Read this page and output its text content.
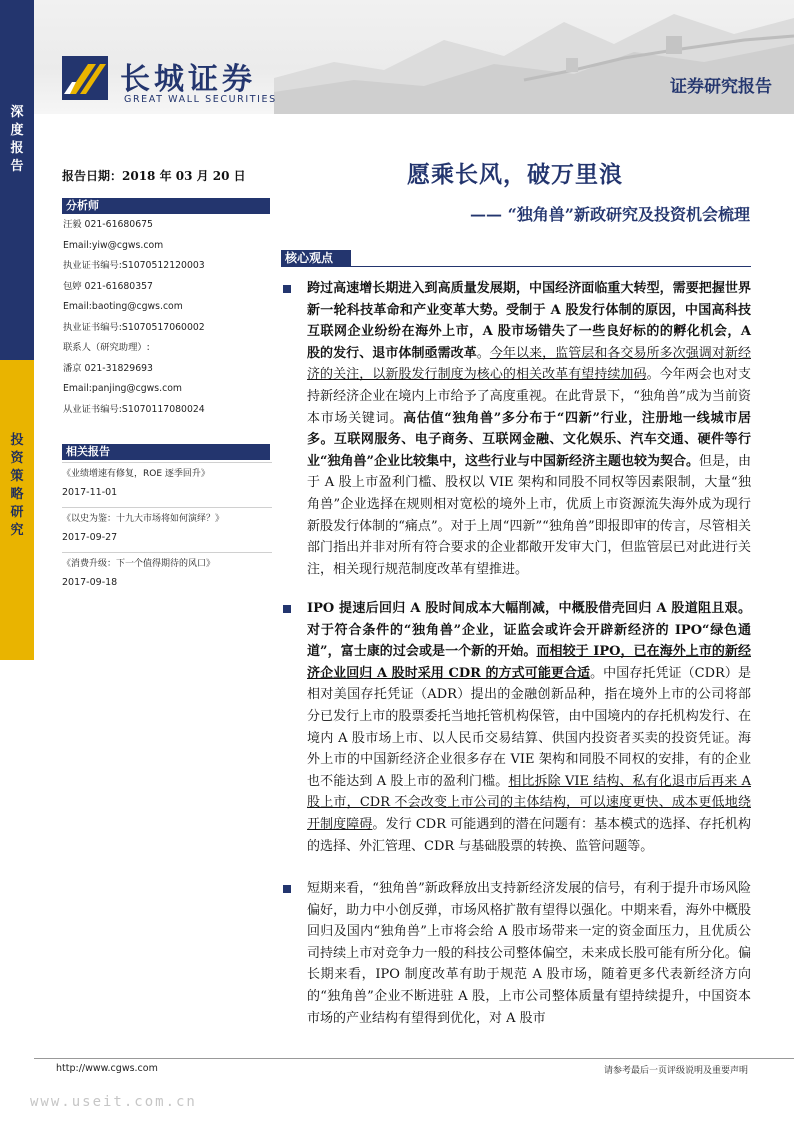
深
度
报
告
投
资
策
略
研
究
长城证券
GREAT WALL SECURITIES
证券研究报告
报告日期：2018 年 03 月 20 日
分析师
汪毅 021-61680675
Email:yiw@cgws.com
执业证书编号:S1070512120003
包婷 021-61680357
Email:baoting@cgws.com
执业证书编号:S1070517060002
联系人（研究助理）:
潘京 021-31829693
Email:panjing@cgws.com
从业证书编号:S1070117080024
相关报告
《业绩增速有修复，ROE 逐季回升》
2017-11-01
《以史为鉴：十九大市场将如何演绎？》
2017-09-27
《消费升级：下一个值得期待的风口》
2017-09-18
愿乘长风，破万里浪
—— “独角兽”新政研究及投资机会梳理
核心观点
跨过高速增长期进入到高质量发展期，中国经济面临重大转型，需要把握世界新一轮科技革命和产业变革大势。受制于 A 股发行体制的原因，中国高科技互联网企业纷纷在海外上市，A 股市场错失了一些良好标的的孵化机会，A 股的发行、退市体制亟需改革。今年以来，监管层和各交易所多次强调对新经济的关注，以新股发行制度为核心的相关改革有望持续加码。今年两会也对支持新经济企业在境内上市给予了高度重视。在此背景下，“独角兽”成为当前资本市场关键词。高估值“独角兽”多分布于“四新”行业，注册地一线城市居多。互联网服务、电子商务、互联网金融、文化娱乐、汽车交通、硬件等行业“独角兽”企业比较集中，这些行业与中国新经济主题也较为契合。但是，由于 A 股上市盈利门槛、股权以 VIE 架构和同股不同权等因素限制，大量“独角兽”企业选择在规则相对宽松的境外上市，优质上市资源流失海外成为现行新股发行体制的“痛点”。对于上周“四新”“独角兽”即报即审的传言，尽管相关部门指出并非对所有符合要求的企业都敞开发审大门，但监管层已对此进行关注，相关现行规范制度改革有望推进。
IPO 提速后回归 A 股时间成本大幅削减，中概股借壳回归 A 股道阻且艰。对于符合条件的“独角兽”企业，证监会或许会开辟新经济的 IPO“绿色通道”，富士康的过会或是一个新的开始。而相较于 IPO，已在海外上市的新经济企业回归 A 股时采用 CDR 的方式可能更合适。中国存托凭证（CDR）是相对美国存托凭证（ADR）提出的金融创新品种，指在境外上市的公司将部分已发行上市的股票委托当地托管机构保管，由中国境内的存托机构发行、在境内 A 股市场上市、以人民币交易结算、供国内投资者买卖的投资凭证。海外上市的中国新经济企业很多存在 VIE 架构和同股不同权的安排，有的企业也不能达到 A 股上市的盈利门槛。相比拆除 VIE 结构、私有化退市后再来 A 股上市，CDR 不会改变上市公司的主体结构，可以速度更快、成本更低地绕开制度障碍。发行 CDR 可能遇到的潜在问题有：基本模式的选择、存托机构的选择、外汇管理、CDR 与基础股票的转换、监管问题等。
短期来看，“独角兽”新政释放出支持新经济发展的信号，有利于提升市场风险偏好，助力中小创反弹，市场风格扩散有望得以强化。中期来看，海外中概股回归及国内“独角兽”上市将会给 A 股市场带来一定的资金面压力，且优质公司持续上市对竞争力一般的科技公司整体偏空，未来成长股可能有所分化。偏长期来看，IPO 制度改革有助于规范 A 股市场，随着更多代表新经济方向的“独角兽”企业不断进驻 A 股，上市公司整体质量有望持续提升，中国资本市场的产业结构有望得到优化，对 A 股市
http://www.cgws.com	请参考最后一页评级说明及重要声明
www.useit.com.cn
